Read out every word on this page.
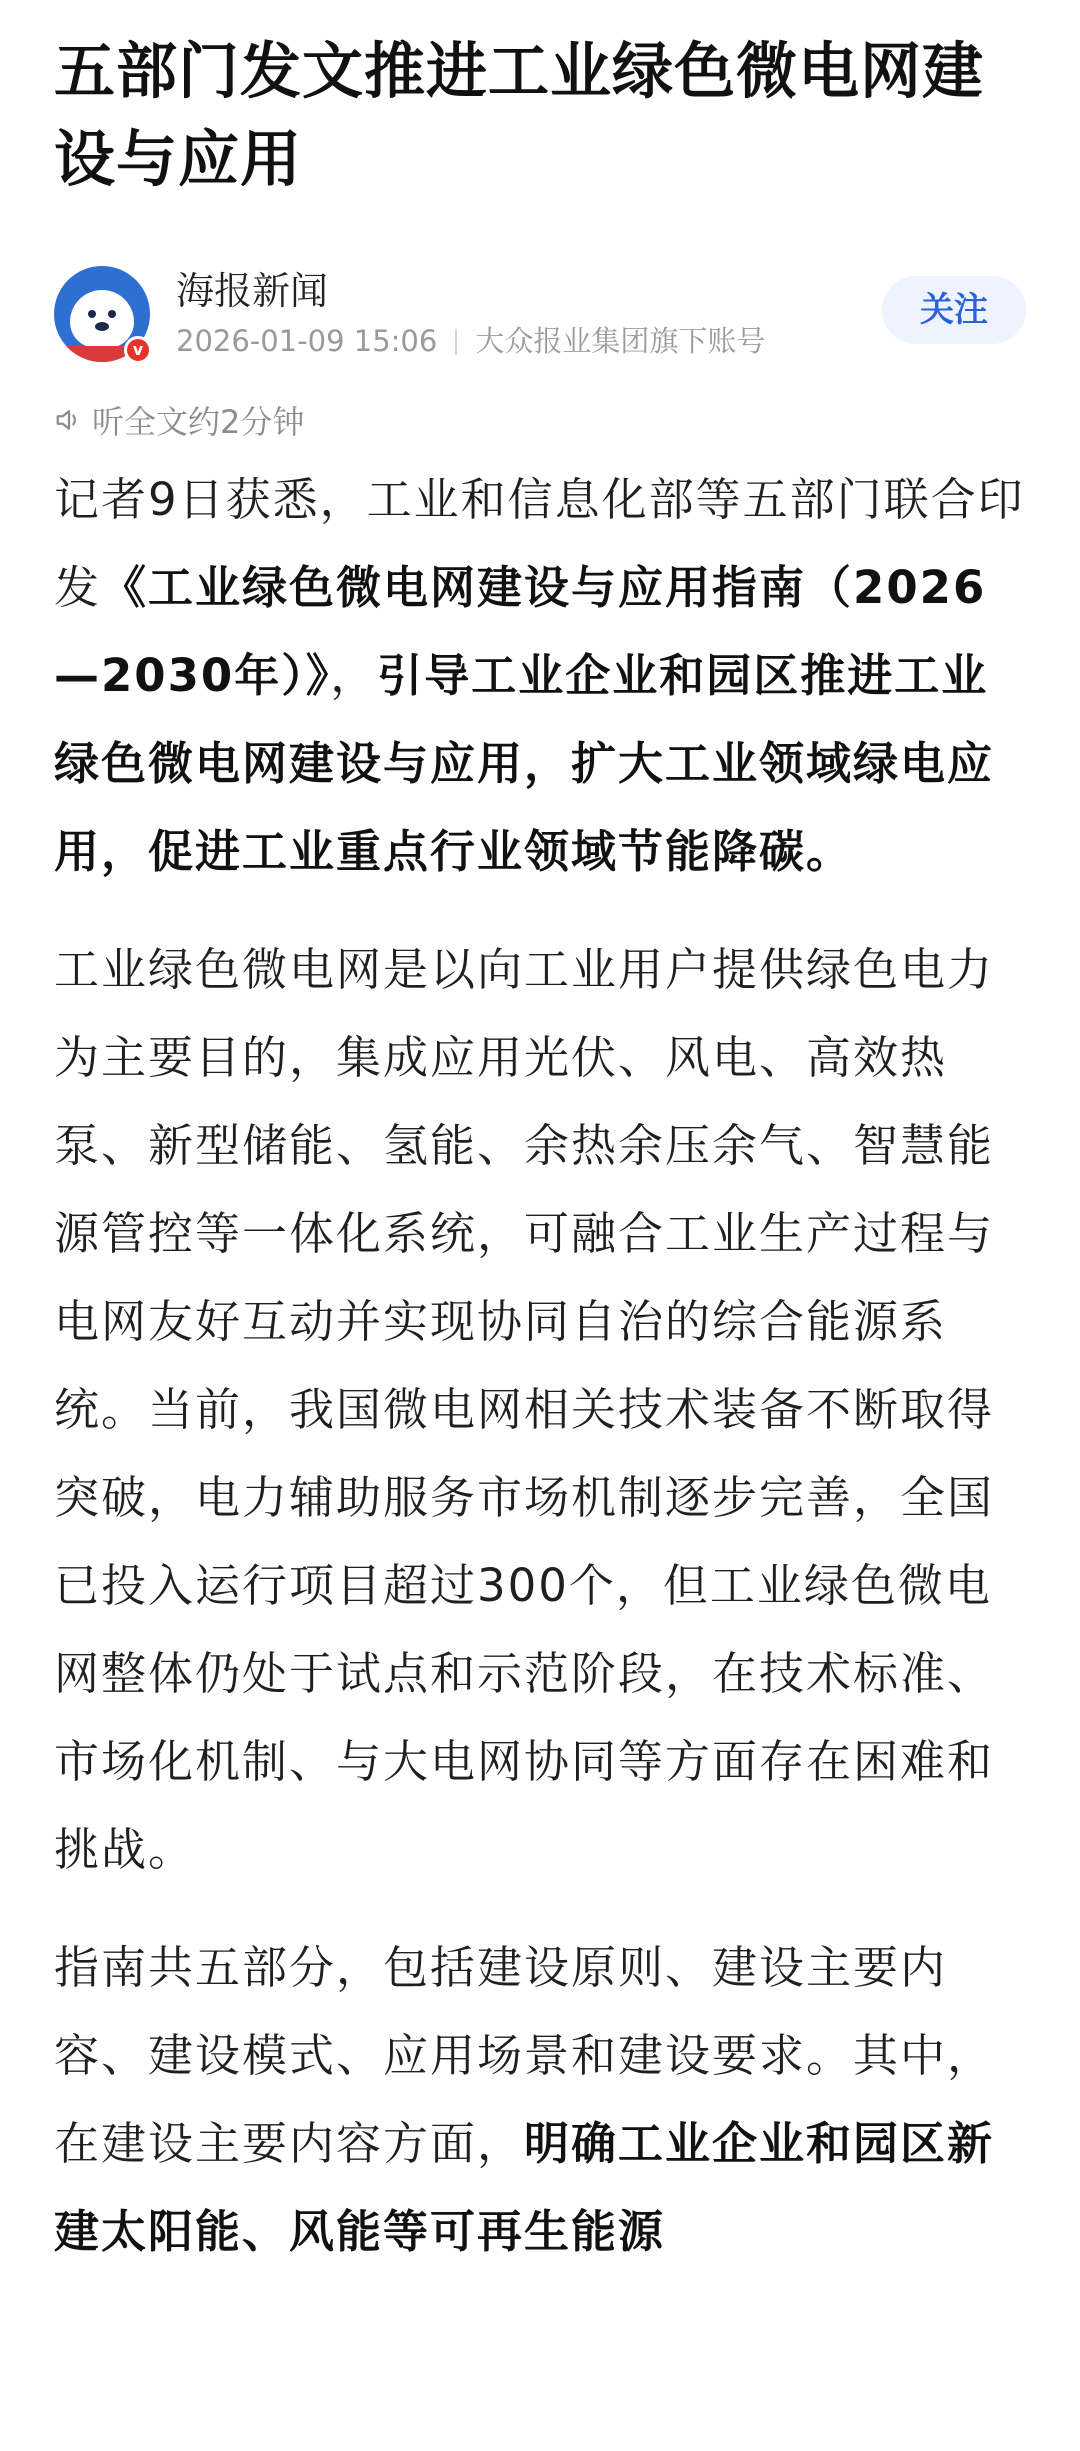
五部门发文推进工业绿色微电网建设与应用
v
海报新闻
2026-01-09 15:06 大众报业集团旗下账号
关注
听全文约2分钟

记者9日获悉，工业和信息化部等五部门联合印发《工业绿色微电网建设与应用指南（2026—2030年）》，引导工业企业和园区推进工业绿色微电网建设与应用，扩大工业领域绿电应用，促进工业重点行业领域节能降碳。

工业绿色微电网是以向工业用户提供绿色电力为主要目的，集成应用光伏、风电、高效热泵、新型储能、氢能、余热余压余气、智慧能源管控等一体化系统，可融合工业生产过程与电网友好互动并实现协同自治的综合能源系统。当前，我国微电网相关技术装备不断取得突破，电力辅助服务市场机制逐步完善，全国已投入运行项目超过300个，但工业绿色微电网整体仍处于试点和示范阶段，在技术标准、市场化机制、与大电网协同等方面存在困难和挑战。

指南共五部分，包括建设原则、建设主要内容、建设模式、应用场景和建设要求。其中，在建设主要内容方面，明确工业企业和园区新建太阳能、风能等可再生能源
